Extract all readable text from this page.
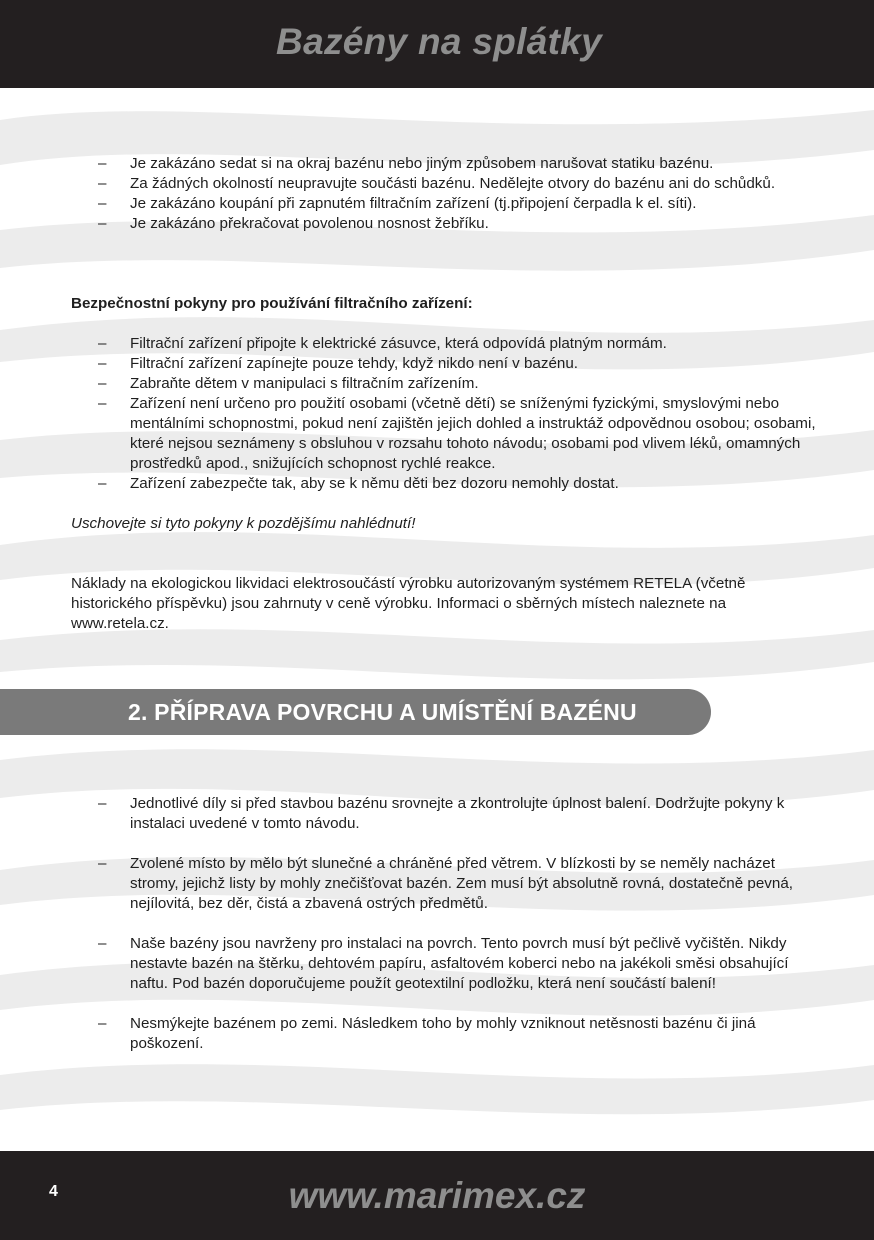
Bazény na splátky
– Je zakázáno sedat si na okraj bazénu nebo jiným způsobem narušovat statiku bazénu.
– Za žádných okolností neupravujte součásti bazénu. Nedělejte otvory do bazénu ani do schůdků.
– Je zakázáno koupání při zapnutém filtračním zařízení (tj.připojení čerpadla k el. síti).
– Je zakázáno překračovat povolenou nosnost žebříku.

Bezpečnostní pokyny pro používání filtračního zařízení:

– Filtrační zařízení připojte k elektrické zásuvce, která odpovídá platným normám.
– Filtrační zařízení zapínejte pouze tehdy, když nikdo není v bazénu.
– Zabraňte dětem v manipulaci s filtračním zařízením.
– Zařízení není určeno pro použití osobami (včetně dětí) se sníženými fyzickými, smyslovými nebo mentálními schopnostmi, pokud není zajištěn jejich dohled a instruktáž odpovědnou osobou; osobami, které nejsou seznámeny s obsluhou v rozsahu tohoto návodu; osobami pod vlivem léků, omamných prostředků apod., snižujících schopnost rychlé reakce.
– Zařízení zabezpečte tak, aby se k němu děti bez dozoru nemohly dostat.

Uschovejte si tyto pokyny k pozdějšímu nahlédnutí!

Náklady na ekologickou likvidaci elektrosoučástí výrobku autorizovaným systémem RETELA (včetně historického příspěvku) jsou zahrnuty v ceně výrobku. Informaci o sběrných místech naleznete na www.retela.cz.

2. PŘÍPRAVA POVRCHU A UMÍSTĚNÍ BAZÉNU
– Jednotlivé díly si před stavbou bazénu srovnejte a zkontrolujte úplnost balení. Dodržujte pokyny k instalaci uvedené v tomto návodu.
– Zvolené místo by mělo být slunečné a chráněné před větrem. V blízkosti by se neměly nacházet stromy, jejichž listy by mohly znečišťovat bazén. Zem musí být absolutně rovná, dostatečně pevná, nejílovitá, bez děr, čistá a zbavená ostrých předmětů.
– Naše bazény jsou navrženy pro instalaci na povrch. Tento povrch musí být pečlivě vyčištěn. Nikdy nestavte bazén na štěrku, dehtovém papíru, asfaltovém koberci nebo na jakékoli směsi obsahující naftu. Pod bazén doporučujeme použít geotextilní podložku, která není součástí balení!
– Nesmýkejte bazénem po zemi. Následkem toho by mohly vzniknout netěsnosti bazénu či jiná poškození.
4	www.marimex.cz
